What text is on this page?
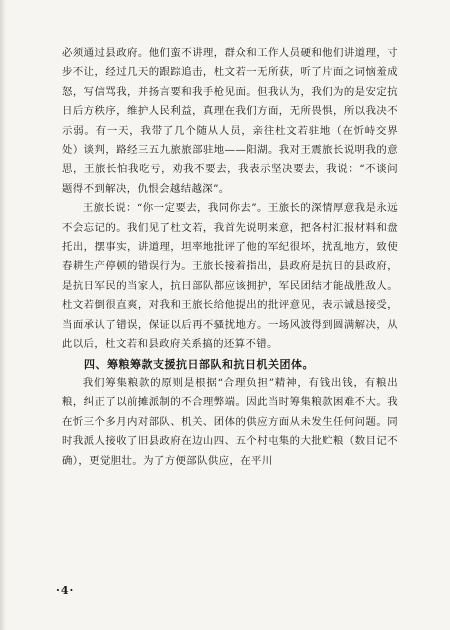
必须通过县政府。他们蛮不讲理，群众和工作人员硬和他们讲道理，寸步不让，经过几天的跟踪追击，杜文若一无所获，听了片面之词恼羞成怒，写信骂我，并扬言要和我手枪见面。但我认为，我们为的是安定抗日后方秩序，维护人民利益，真理在我们方面，无所畏惧，所以我决不示弱。有一天，我带了几个随从人员，亲往杜文若驻地（在忻峙交界处）谈判，路经三五九旅旅部驻地——阳湖。我对王震旅长说明我的意思，王旅长怕我吃亏，劝我不要去，我表示坚决要去，我说：“不谈问题得不到解决，仇恨会越结越深”。

王旅长说：“你一定要去，我同你去”。王旅长的深情厚意我是永远不会忘记的。我们见了杜文若，我首先说明来意，把各村汇报材料和盘托出，摆事实，讲道理，坦率地批评了他的军纪很坏，扰乱地方，致使春耕生产停顿的错误行为。王旅长接着指出，县政府是抗日的县政府，是抗日军民的当家人，抗日部队都应该拥护，军民团结才能战胜敌人。杜文若倒很直爽，对我和王旅长给他提出的批评意见，表示诚恳接受，当面承认了错误，保证以后再不骚扰地方。一场风波得到圆满解决，从此以后，杜文若和县政府关系搞的还算不错。

四、筹粮筹款支援抗日部队和抗日机关团体。

我们筹集粮款的原则是根据“合理负担”精神，有钱出钱，有粮出粮，纠正了以前摊派制的不合理弊端。因此当时筹集粮款困难不大。我在忻三个多月内对部队、机关、团体的供应方面从未发生任何问题。同时我派人接收了旧县政府在边山四、五个村屯集的大批贮粮（数目记不确），更觉胆壮。为了方便部队供应，在平川

·4·
